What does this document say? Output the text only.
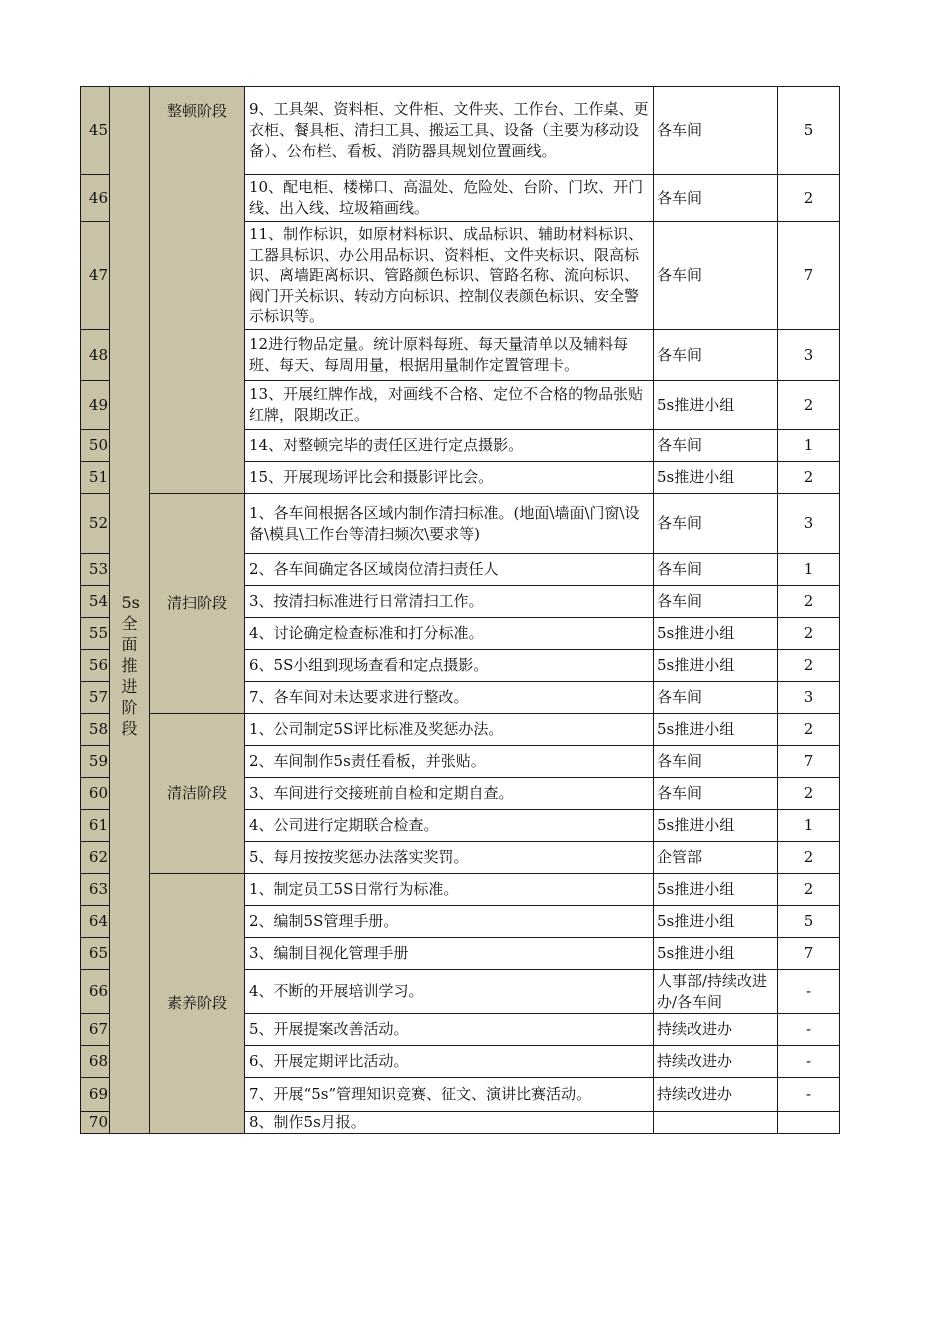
45	5s全面推进阶段	整顿阶段	9、工具架、资料柜、文件柜、文件夹、工作台、工作桌、更衣柜、餐具柜、清扫工具、搬运工具、设备（主要为移动设备）、公布栏、看板、消防器具规划位置画线。	各车间	5
46			10、配电柜、楼梯口、高温处、危险处、台阶、门坎、开门线、出入线、垃圾箱画线。	各车间	2
47			11、制作标识，如原材料标识、成品标识、辅助材料标识、工器具标识、办公用品标识、资料柜、文件夹标识、限高标识、离墙距离标识、管路颜色标识、管路名称、流向标识、阀门开关标识、转动方向标识、控制仪表颜色标识、安全警示标识等。	各车间	7
48			12进行物品定量。统计原料每班、每天量清单以及辅料每班、每天、每周用量，根据用量制作定置管理卡。	各车间	3
49			13、开展红牌作战，对画线不合格、定位不合格的物品张贴红牌，限期改正。	5s推进小组	2
50			14、对整顿完毕的责任区进行定点摄影。	各车间	1
51			15、开展现场评比会和摄影评比会。	5s推进小组	2
52		清扫阶段	1、各车间根据各区域内制作清扫标准。(地面\墙面\门窗\设备\模具\工作台等清扫频次\要求等)	各车间	3
53			2、各车间确定各区域岗位清扫责任人	各车间	1
54			3、按清扫标准进行日常清扫工作。	各车间	2
55			4、讨论确定检查标准和打分标准。	5s推进小组	2
56			6、5S小组到现场查看和定点摄影。	5s推进小组	2
57			7、各车间对未达要求进行整改。	各车间	3
58		清洁阶段	1、公司制定5S评比标准及奖惩办法。	5s推进小组	2
59			2、车间制作5s责任看板，并张贴。	各车间	7
60			3、车间进行交接班前自检和定期自查。	各车间	2
61			4、公司进行定期联合检查。	5s推进小组	1
62			5、每月按按奖惩办法落实奖罚。	企管部	2
63		素养阶段	1、制定员工5S日常行为标准。	5s推进小组	2
64			2、编制5S管理手册。	5s推进小组	5
65			3、编制目视化管理手册	5s推进小组	7
66			4、不断的开展培训学习。	人事部/持续改进办/各车间	-
67			5、开展提案改善活动。	持续改进办	-
68			6、开展定期评比活动。	持续改进办	-
69			7、开展“5s”管理知识竞赛、征文、演讲比赛活动。	持续改进办	-
70			8、制作5s月报。		
